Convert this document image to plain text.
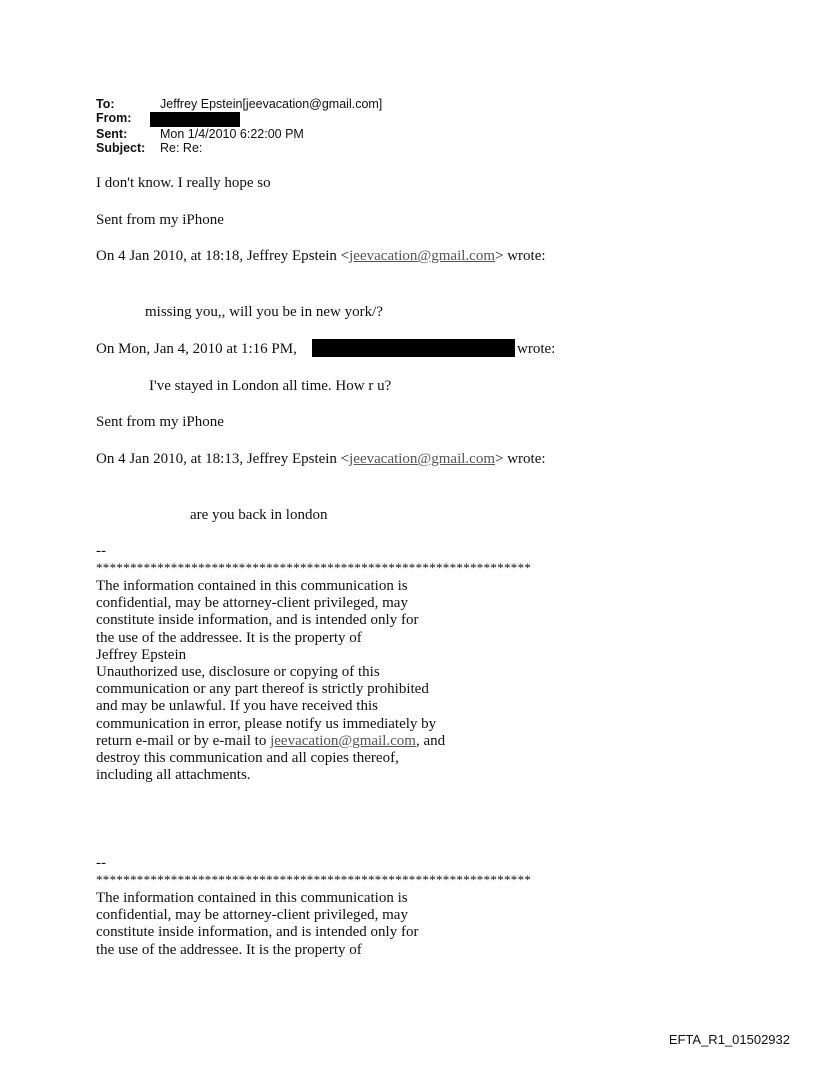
To:	Jeffrey Epstein[jeevacation@gmail.com]
From:
Sent:	Mon 1/4/2010 6:22:00 PM
Subject: Re: Re:
I don't know. I really hope so
Sent from my iPhone
On 4 Jan 2010, at 18:18, Jeffrey Epstein <jeevacation@gmail.com> wrote:
missing you,, will you be in new york/?
On Mon, Jan 4, 2010 at 1:16 PM,	wrote:
I've stayed in London all time. How r u?
Sent from my iPhone
On 4 Jan 2010, at 18:13, Jeffrey Epstein <jeevacation@gmail.com> wrote:
are you back in london
--
****************************************************************
The information contained in this communication is
confidential, may be attorney-client privileged, may
constitute inside information, and is intended only for
the use of the addressee. It is the property of
Jeffrey Epstein
Unauthorized use, disclosure or copying of this
communication or any part thereof is strictly prohibited
and may be unlawful. If you have received this
communication in error, please notify us immediately by
return e-mail or by e-mail to jeevacation@gmail.com, and
destroy this communication and all copies thereof,
including all attachments.
--
****************************************************************
The information contained in this communication is
confidential, may be attorney-client privileged, may
constitute inside information, and is intended only for
the use of the addressee. It is the property of
EFTA_R1_01502932
